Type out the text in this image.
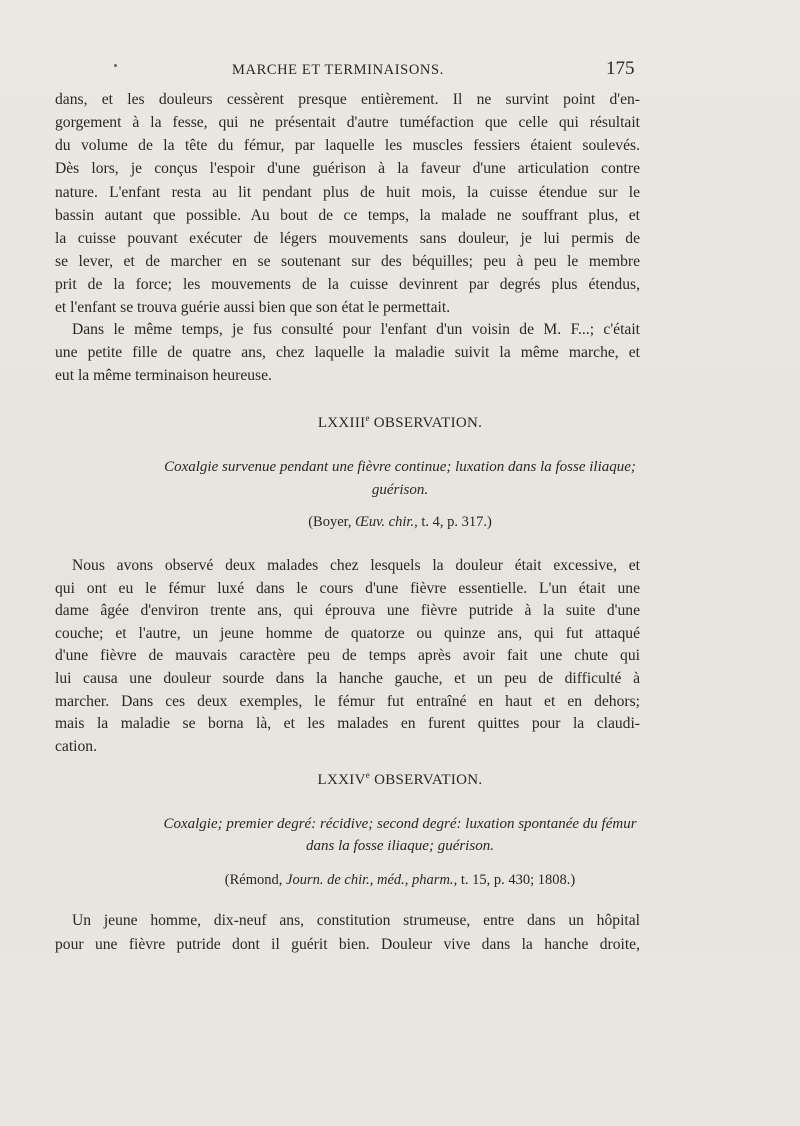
MARCHE ET TERMINAISONS.	175
dans, et les douleurs cessèrent presque entièrement. Il ne survint point d'en-
gorgement à la fesse, qui ne présentait d'autre tuméfaction que celle qui résultait
du volume de la tête du fémur, par laquelle les muscles fessiers étaient soulevés.
Dès lors, je conçus l'espoir d'une guérison à la faveur d'une articulation contre
nature. L'enfant resta au lit pendant plus de huit mois, la cuisse étendue sur le
bassin autant que possible. Au bout de ce temps, la malade ne souffrant plus, et
la cuisse pouvant exécuter de légers mouvements sans douleur, je lui permis de
se lever, et de marcher en se soutenant sur des béquilles; peu à peu le membre
prit de la force; les mouvements de la cuisse devinrent par degrés plus étendus,
et l'enfant se trouva guérie aussi bien que son état le permettait.
Dans le même temps, je fus consulté pour l'enfant d'un voisin de M. F...; c'était
une petite fille de quatre ans, chez laquelle la maladie suivit la même marche, et
eut la même terminaison heureuse.
LXXIIIe OBSERVATION.
Coxalgie survenue pendant une fièvre continue; luxation dans la fosse iliaque;
guérison.
(Boyer, Œuv. chir., t. 4, p. 317.)
Nous avons observé deux malades chez lesquels la douleur était excessive, et
qui ont eu le fémur luxé dans le cours d'une fièvre essentielle. L'un était une
dame âgée d'environ trente ans, qui éprouva une fièvre putride à la suite d'une
couche; et l'autre, un jeune homme de quatorze ou quinze ans, qui fut attaqué
d'une fièvre de mauvais caractère peu de temps après avoir fait une chute qui
lui causa une douleur sourde dans la hanche gauche, et un peu de difficulté à
marcher. Dans ces deux exemples, le fémur fut entraîné en haut et en dehors;
mais la maladie se borna là, et les malades en furent quittes pour la claudi-
cation.
LXXIVe OBSERVATION.
Coxalgie; premier degré: récidive; second degré: luxation spontanée du fémur
dans la fosse iliaque; guérison.
(Rémond, Journ. de chir., méd., pharm., t. 15, p. 430; 1808.)
Un jeune homme, dix-neuf ans, constitution strumeuse, entre dans un hôpital
pour une fièvre putride dont il guérit bien. Douleur vive dans la hanche droite,
